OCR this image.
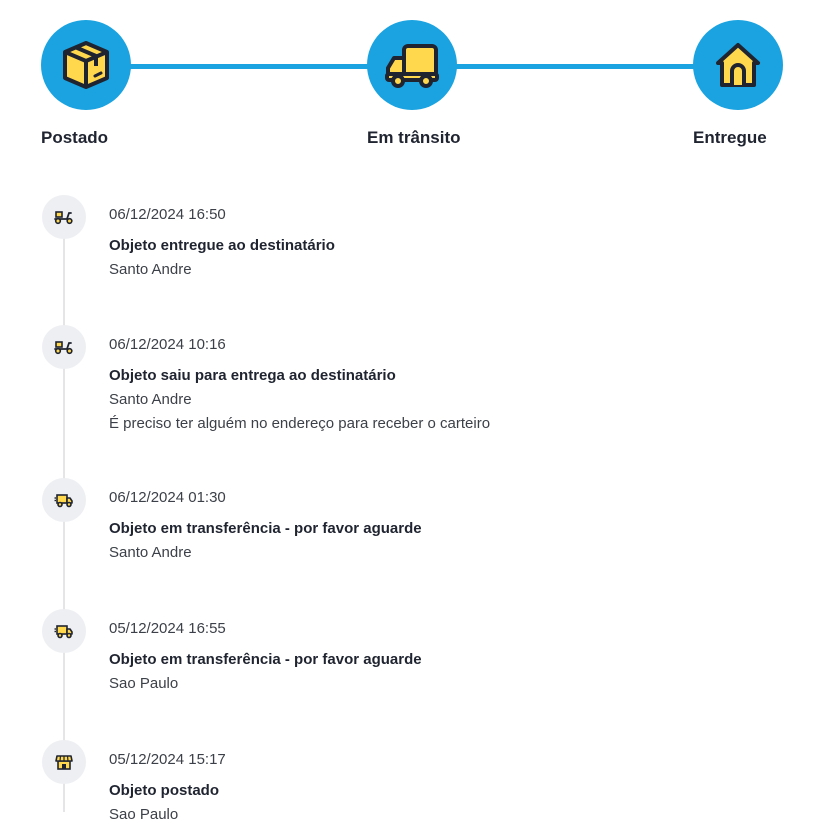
Postado	Em trânsito	Entregue
06/12/2024 16:50
Objeto entregue ao destinatário
Santo Andre
06/12/2024 10:16
Objeto saiu para entrega ao destinatário
Santo Andre
É preciso ter alguém no endereço para receber o carteiro
06/12/2024 01:30
Objeto em transferência - por favor aguarde
Santo Andre
05/12/2024 16:55
Objeto em transferência - por favor aguarde
Sao Paulo
05/12/2024 15:17
Objeto postado
Sao Paulo
